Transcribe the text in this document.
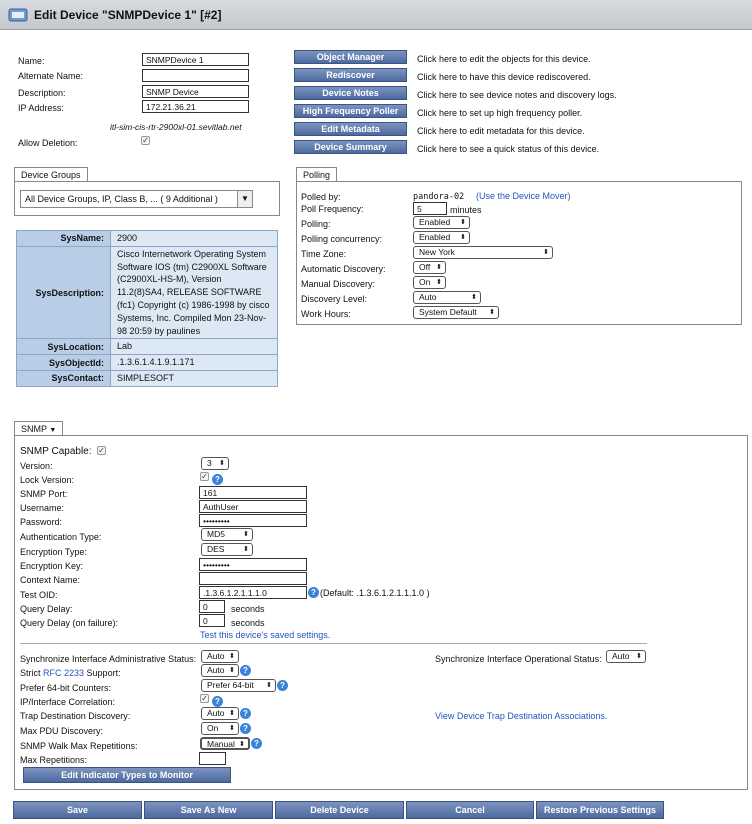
Edit Device "SNMPDevice 1" [#2]
Name:	SNMPDevice 1
Alternate Name:
Description:	SNMP Device
IP Address:	172.21.36.21
itl-sim-cis-rtr-2900xl-01.sevitlab.net
Allow Deletion:	✓
Object Manager	Click here to edit the objects for this device.
Rediscover	Click here to have this device rediscovered.
Device Notes	Click here to see device notes and discovery logs.
High Frequency Poller	Click here to set up high frequency poller.
Edit Metadata	Click here to edit metadata for this device.
Device Summary	Click here to see a quick status of this device.
Device Groups
All Device Groups, IP, Class B, ... ( 9 Additional )	▼
SysName:	2900
SysDescription:	Cisco Internetwork Operating System Software IOS (tm) C2900XL Software (C2900XL-HS-M), Version 11.2(8)SA4, RELEASE SOFTWARE (fc1) Copyright (c) 1986-1998 by cisco Systems, Inc. Compiled Mon 23-Nov-98 20:59 by paulines
SysLocation:	Lab
SysObjectId:	.1.3.6.1.4.1.9.1.171
SysContact:	SIMPLESOFT
Polling
Polled by:	pandora-02 (Use the Device Mover)
Poll Frequency:	5	minutes
Polling:	Enabled ⬍
Polling concurrency:	Enabled ⬍
Time Zone:	New York	⬍
Automatic Discovery:	Off ⬍
Manual Discovery:	On ⬍
Discovery Level:	Auto	⬍
Work Hours:	System Default ⬍
SNMP ▼
SNMP Capable: ✓
Version:	3 ⬍
Lock Version:	✓ ?
SNMP Port:	161
Username:	AuthUser
Password:	•••••••••
Authentication Type:	MD5	⬍
Encryption Type:	DES	⬍
Encryption Key:	•••••••••
Context Name:
Test OID:	.1.3.6.1.2.1.1.1.0	? (Default: .1.3.6.1.2.1.1.1.0 )
Query Delay:	0	seconds
Query Delay (on failure):	0	seconds
Test this device's saved settings.
Synchronize Interface Administrative Status:	Auto ⬍	Synchronize Interface Operational Status:	Auto ⬍
Strict RFC 2233 Support:	Auto ⬍	?
Prefer 64-bit Counters:	Prefer 64-bit ⬍	?
IP/Interface Correlation:	✓ ?
Trap Destination Discovery:	Auto ⬍	?	View Device Trap Destination Associations.
Max PDU Discovery:	On ⬍	?
SNMP Walk Max Repetitions:	Manual ⬍	?
Max Repetitions:
Edit Indicator Types to Monitor
Save	Save As New	Delete Device	Cancel	Restore Previous Settings
